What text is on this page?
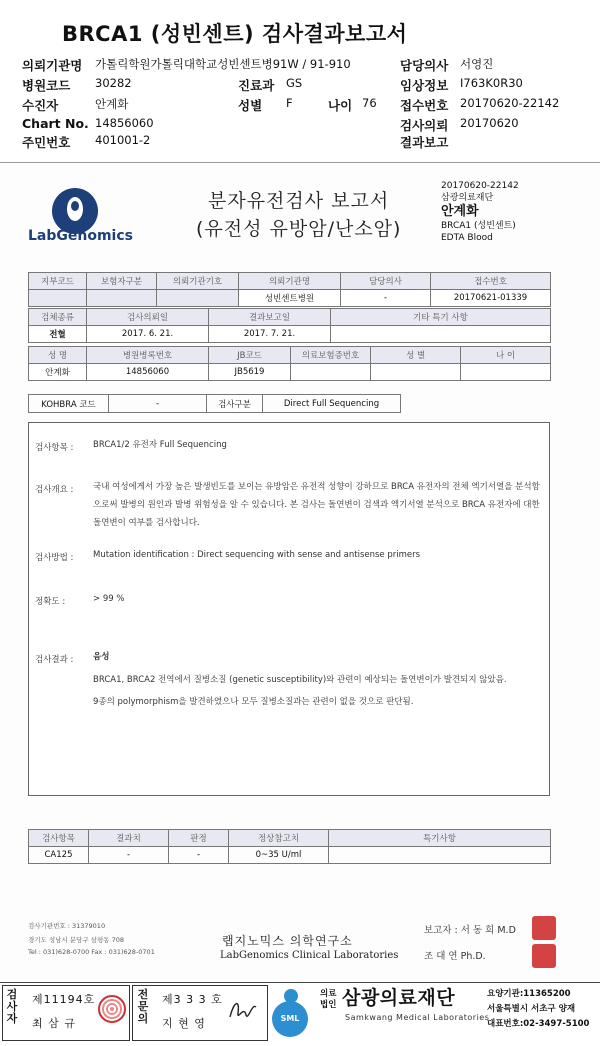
BRCA1 (성빈센트) 검사결과보고서
의뢰기관명 가톨릭학원가톨릭대학교성빈센트병91W / 91-910
병원코드 30282
수진자	안계화
Chart No. 14856060
주민번호 401001-2
진료과 GS
성별 F	나이 76
담당의사 서영진
임상정보 I763K0R30
접수번호 20170620-22142
검사의뢰 20170620
결과보고
LabGenomics
분자유전검사 보고서
(유전성 유방암/난소암)
20170620-22142
삼광의료재단
안계화
BRCA1 (성빈센트)
EDTA Blood
지부코드	보험자구분	의뢰기관기호	의뢰기관명	담당의사	접수번호
			성빈센트병원	-	20170621-01339
검체종류	검사의뢰일	결과보고일	기타 특기 사항
전혈	2017. 6. 21.	2017. 7. 21.	
성 명	병원병록번호	JB코드	의료보험증번호	성 별	나 이
안계화	14856060	JB5619			
KOHBRA 코드	-	검사구분	Direct Full Sequencing
검사항목 : BRCA1/2 유전자 Full Sequencing
검사개요 : 국내 여성에게서 가장 높은 발생빈도를 보이는 유방암은 유전적 성향이 강하므로 BRCA 유전자의 전체 엑기서열을 분석함으로써 발병의 원인과 발병 위험성을 알 수 있습니다. 본 검사는 돌연변이 검색과 엑기서열 분석으로 BRCA 유전자에 대한 돌연변이 여부를 검사합니다.
검사방법 : Mutation identification : Direct sequencing with sense and antisense primers
정확도 :	> 99 %
검사결과 : 음성
BRCA1, BRCA2 전역에서 질병소질 (genetic susceptibility)와 관련이 예상되는 돌연변이가 발견되지 않았음.
9종의 polymorphism을 발견하였으나 모두 질병소질과는 관련이 없을 것으로 판단됨.
검사항목	결과치	판정	정상참고치	특기사항
CA125	-	-	0~35 U/ml	
검사기관번호 : 31379010
경기도 성남시 분당구 삼평동 708
Tel : 031)628-0700 Fax : 031)628-0701
랩지노믹스 의학연구소
LabGenomics Clinical Laboratories
보고자 : 서 동 희 M.D
조 대 연 Ph.D.
검사자
제11194호
최 삼 규
전문의
제3 3 3 호
지 현 영	SML
의료법인 삼광의료재단
Samkwang Medical Laboratories
요양기관:11365200
서울특별시 서초구 양재
대표번호:02-3497-5100
